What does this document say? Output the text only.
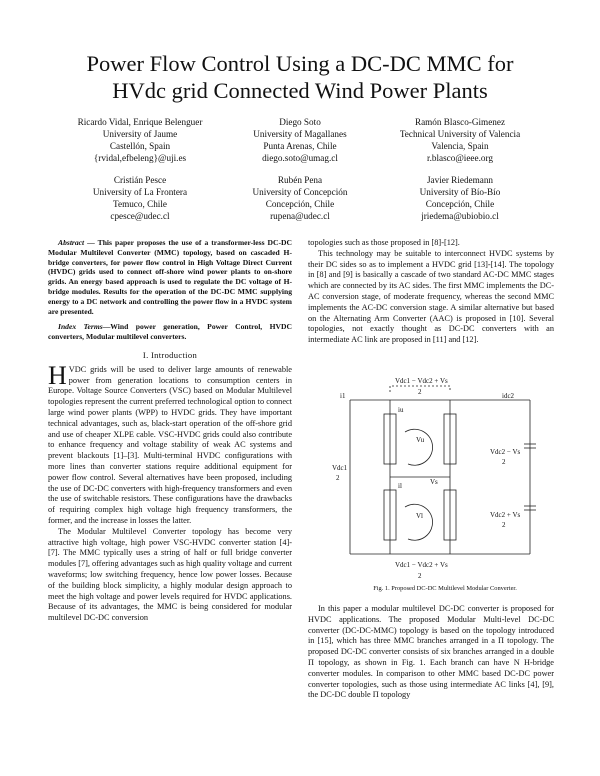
Power Flow Control Using a DC-DC MMC for
HVdc grid Connected Wind Power Plants
Ricardo Vidal, Enrique Belenguer
University of Jaume
Castellón, Spain
{rvidal,efbeleng}@uji.es
Diego Soto
University of Magallanes
Punta Arenas, Chile
diego.soto@umag.cl
Ramón Blasco-Gimenez
Technical University of Valencia
Valencia, Spain
r.blasco@ieee.org
Cristián Pesce
University of La Frontera
Temuco, Chile
cpesce@udec.cl
Rubén Pena
University of Concepción
Concepción, Chile
rupena@udec.cl
Javier Riedemann
University of Bío-Bío
Concepción, Chile
jriedema@ubiobio.cl

Abstract — This paper proposes the use of a transformer-less DC-DC Modular Multilevel Converter (MMC) topology, based on cascaded H-bridge converters, for power flow control in High Voltage Direct Current (HVDC) grids used to connect off-shore wind power plants to on-shore grids. An energy based approach is used to regulate the DC voltage of H-bridge modules. Results for the operation of the DC-DC MMC supplying energy to a DC network and controlling the power flow in a HVDC system are presented.

Index Terms—Wind power generation, Power Control, HVDC converters, Modular multilevel converters.

I. Introduction

HVDC grids will be used to deliver large amounts of renewable power from generation locations to consumption centers in Europe. Voltage Source Converters (VSC) based on Modular Multilevel topologies represent the current preferred technological option to connect large wind power plants (WPP) to HVDC grids. They have important technical advantages, such as, black-start operation of the off-shore grid and use of cheaper XLPE cable. VSC-HVDC grids could also contribute to enhance frequency and voltage stability of weak AC systems and prevent blackouts [1]–[3]. Multi-terminal HVDC configurations with more lines than converter stations require additional equipment for power flow control. Several alternatives have been proposed, including the use of DC-DC converters with high-frequency transformers and even the use of switchable resistors. These configurations have the drawbacks of requiring complex high voltage high frequency transformers, the former, and the increase in losses the latter.

The Modular Multilevel Converter topology has become very attractive high voltage, high power VSC-HVDC converter station [4]-[7]. The MMC typically uses a string of half or full bridge converter modules [7], offering advantages such as high quality voltage and current waveforms; low switching frequency, hence low power losses. Because of the building block simplicity, a highly modular design approach to meet the high voltage and power levels required for HVDC applications. Because of its advantages, the MMC is being considered for modular multilevel DC-DC conversion

topologies such as those proposed in [8]-[12].

This technology may be suitable to interconnect HVDC systems by their DC sides so as to implement a HVDC grid [13]-[14]. The topology in [8] and [9] is basically a cascade of two standard AC-DC MMC stages which are connected by its AC sides. The first MMC implements the DC-AC conversion stage, of moderate frequency, whereas the second MMC implements the AC-DC conversion stage. A similar alternative but based on the Alternating Arm Converter (AAC) is proposed in [10]. Several topologies, not exactly thought as DC-DC converters with an intermediate AC link are proposed in [11] and [12].

Vdc1 − Vdc2 + Vs
2
i1	idc2
iu
Vu
il
Vl
Vdc1
2
Vdc2 − Vs
2
Vdc2 + Vs
2
Vs
Vdc1 − Vdc2 + Vs
2
Fig. 1. Proposed DC-DC Multilevel Modular Converter.

In this paper a modular multilevel DC-DC converter is proposed for HVDC applications. The proposed Modular Multi-level DC-DC converter (DC-DC-MMC) topology is based on the topology introduced in [15], which has three MMC branches arranged in a Π topology. The proposed DC-DC converter consists of six branches arranged in a double Π topology, as shown in Fig. 1. Each branch can have N H-bridge converter modules. In comparison to other MMC based DC-DC power converter topologies, such as those using intermediate AC links [4], [9], the DC-DC double Π topology
